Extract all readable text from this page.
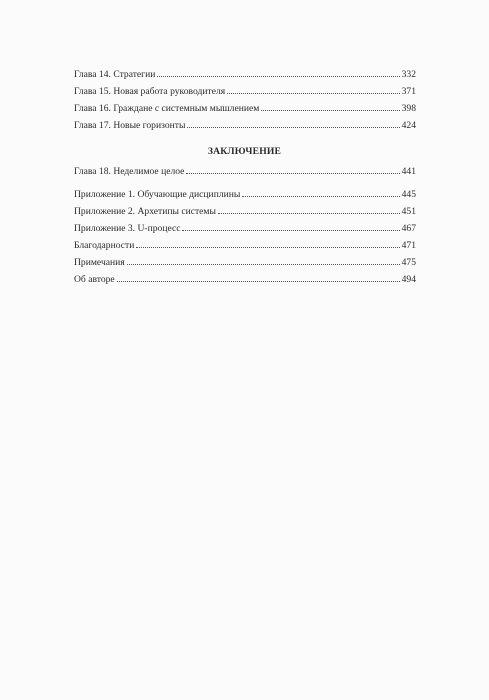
Глава 14. Стратегии	332
Глава 15. Новая работа руководителя	371
Глава 16. Граждане с системным мышлением	398
Глава 17. Новые горизонты	424
ЗАКЛЮЧЕНИЕ
Глава 18. Неделимое целое	441
Приложение 1. Обучающие дисциплины	445
Приложение 2. Архетипы системы	451
Приложение 3. U-процесс	467
Благодарности	471
Примечания	475
Об авторе	494
